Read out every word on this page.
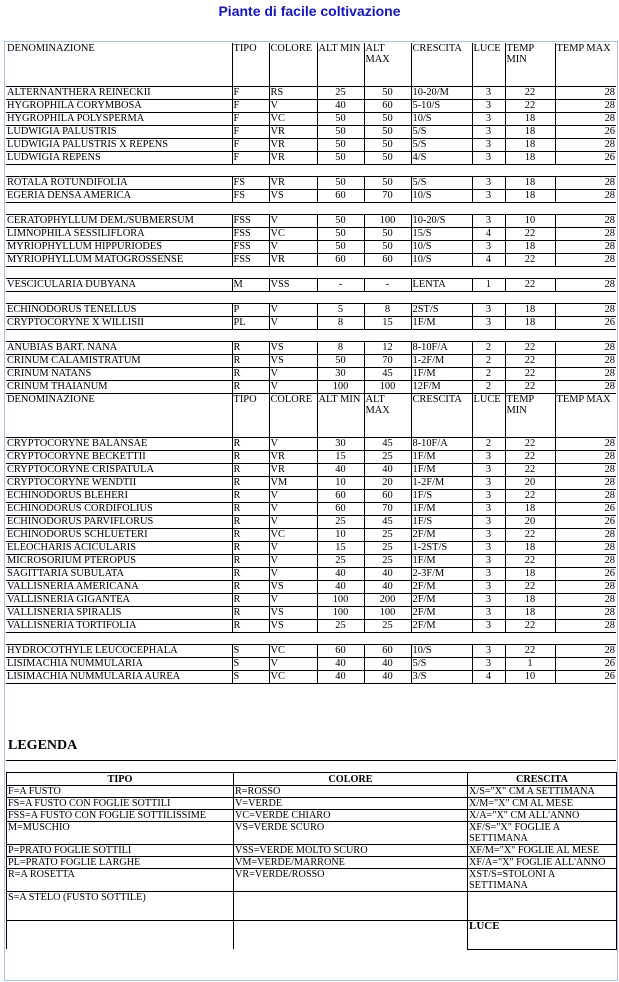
Piante di facile coltivazione
DENOMINAZIONE	TIPO	COLORE	ALT MIN	ALT MAX	CRESCITA	LUCE	TEMP MIN	TEMP MAX
ALTERNANTHERA REINECKII	F	RS	25	50	10-20/M	3	22	28
HYGROPHILA CORYMBOSA	F	V	40	60	5-10/S	3	22	28
HYGROPHILA POLYSPERMA	F	VC	50	50	10/S	3	18	28
LUDWIGIA PALUSTRIS	F	VR	50	50	5/S	3	18	26
LUDWIGIA PALUSTRIS X REPENS	F	VR	50	50	5/S	3	18	28
LUDWIGIA REPENS	F	VR	50	50	4/S	3	18	26

ROTALA ROTUNDIFOLIA	FS	VR	50	50	5/S	3	18	28
EGERIA DENSA AMERICA	FS	VS	60	70	10/S	3	18	28

CERATOPHYLLUM DEM./SUBMERSUM	FSS	V	50	100	10-20/S	3	10	28
LIMNOPHILA SESSILIFLORA	FSS	VC	50	50	15/S	4	22	28
MYRIOPHYLLUM HIPPURIODES	FSS	V	50	50	10/S	3	18	28
MYRIOPHYLLUM MATOGROSSENSE	FSS	VR	60	60	10/S	4	22	28

VESCICULARIA DUBYANA	M	VSS	-	-	LENTA	1	22	28

ECHINODORUS TENELLUS	P	V	5	8	2ST/S	3	18	28
CRYPTOCORYNE X WILLISII	PL	V	8	15	1F/M	3	18	26

ANUBIAS BART. NANA	R	VS	8	12	8-10F/A	2	22	28
CRINUM CALAMISTRATUM	R	VS	50	70	1-2F/M	2	22	28
CRINUM NATANS	R	V	30	45	1F/M	2	22	28
CRINUM THAIANUM	R	V	100	100	12F/M	2	22	28
DENOMINAZIONE	TIPO	COLORE	ALT MIN	ALT MAX	CRESCITA	LUCE	TEMP MIN	TEMP MAX
CRYPTOCORYNE BALANSAE	R	V	30	45	8-10F/A	2	22	28
CRYPTOCORYNE BECKETTII	R	VR	15	25	1F/M	3	22	28
CRYPTOCORYNE CRISPATULA	R	VR	40	40	1F/M	3	22	28
CRYPTOCORYNE WENDTII	R	VM	10	20	1-2F/M	3	20	28
ECHINODORUS BLEHERI	R	V	60	60	1F/S	3	22	28
ECHINODORUS CORDIFOLIUS	R	V	60	70	1F/M	3	18	26
ECHINODORUS PARVIFLORUS	R	V	25	45	1F/S	3	20	26
ECHINODORUS SCHLUETERI	R	VC	10	25	2F/M	3	22	28
ELEOCHARIS ACICULARIS	R	V	15	25	1-2ST/S	3	18	28
MICROSORIUM PTEROPUS	R	V	25	25	1F/M	3	22	28
SAGITTARIA SUBULATA	R	V	40	40	2-3F/M	3	18	26
VALLISNERIA AMERICANA	R	VS	40	40	2F/M	3	22	28
VALLISNERIA GIGANTEA	R	V	100	200	2F/M	3	18	28
VALLISNERIA SPIRALIS	R	VS	100	100	2F/M	3	18	28
VALLISNERIA TORTIFOLIA	R	VS	25	25	2F/M	3	22	28

HYDROCOTHYLE LEUCOCEPHALA	S	VC	60	60	10/S	3	22	28
LISIMACHIA NUMMULARIA	S	V	40	40	5/S	3	1	26
LISIMACHIA NUMMULARIA AUREA	S	VC	40	40	3/S	4	10	26
LEGENDA
TIPO	COLORE	CRESCITA
F=A FUSTO	R=ROSSO	X/S="X" CM A SETTIMANA
FS=A FUSTO CON FOGLIE SOTTILI	V=VERDE	X/M="X" CM AL MESE
FSS=A FUSTO CON FOGLIE SOTTILISSIME	VC=VERDE CHIARO	X/A="X" CM ALL'ANNO
M=MUSCHIO	VS=VERDE SCURO	XF/S="X" FOGLIE A SETTIMANA
P=PRATO FOGLIE SOTTILI	VSS=VERDE MOLTO SCURO	XF/M="X" FOGLIE AL MESE
PL=PRATO FOGLIE LARGHE	VM=VERDE/MARRONE	XF/A="X" FOGLIE ALL'ANNO
R=A ROSETTA	VR=VERDE/ROSSO	XST/S=STOLONI A SETTIMANA
S=A STELO (FUSTO SOTTILE)		
		LUCE
